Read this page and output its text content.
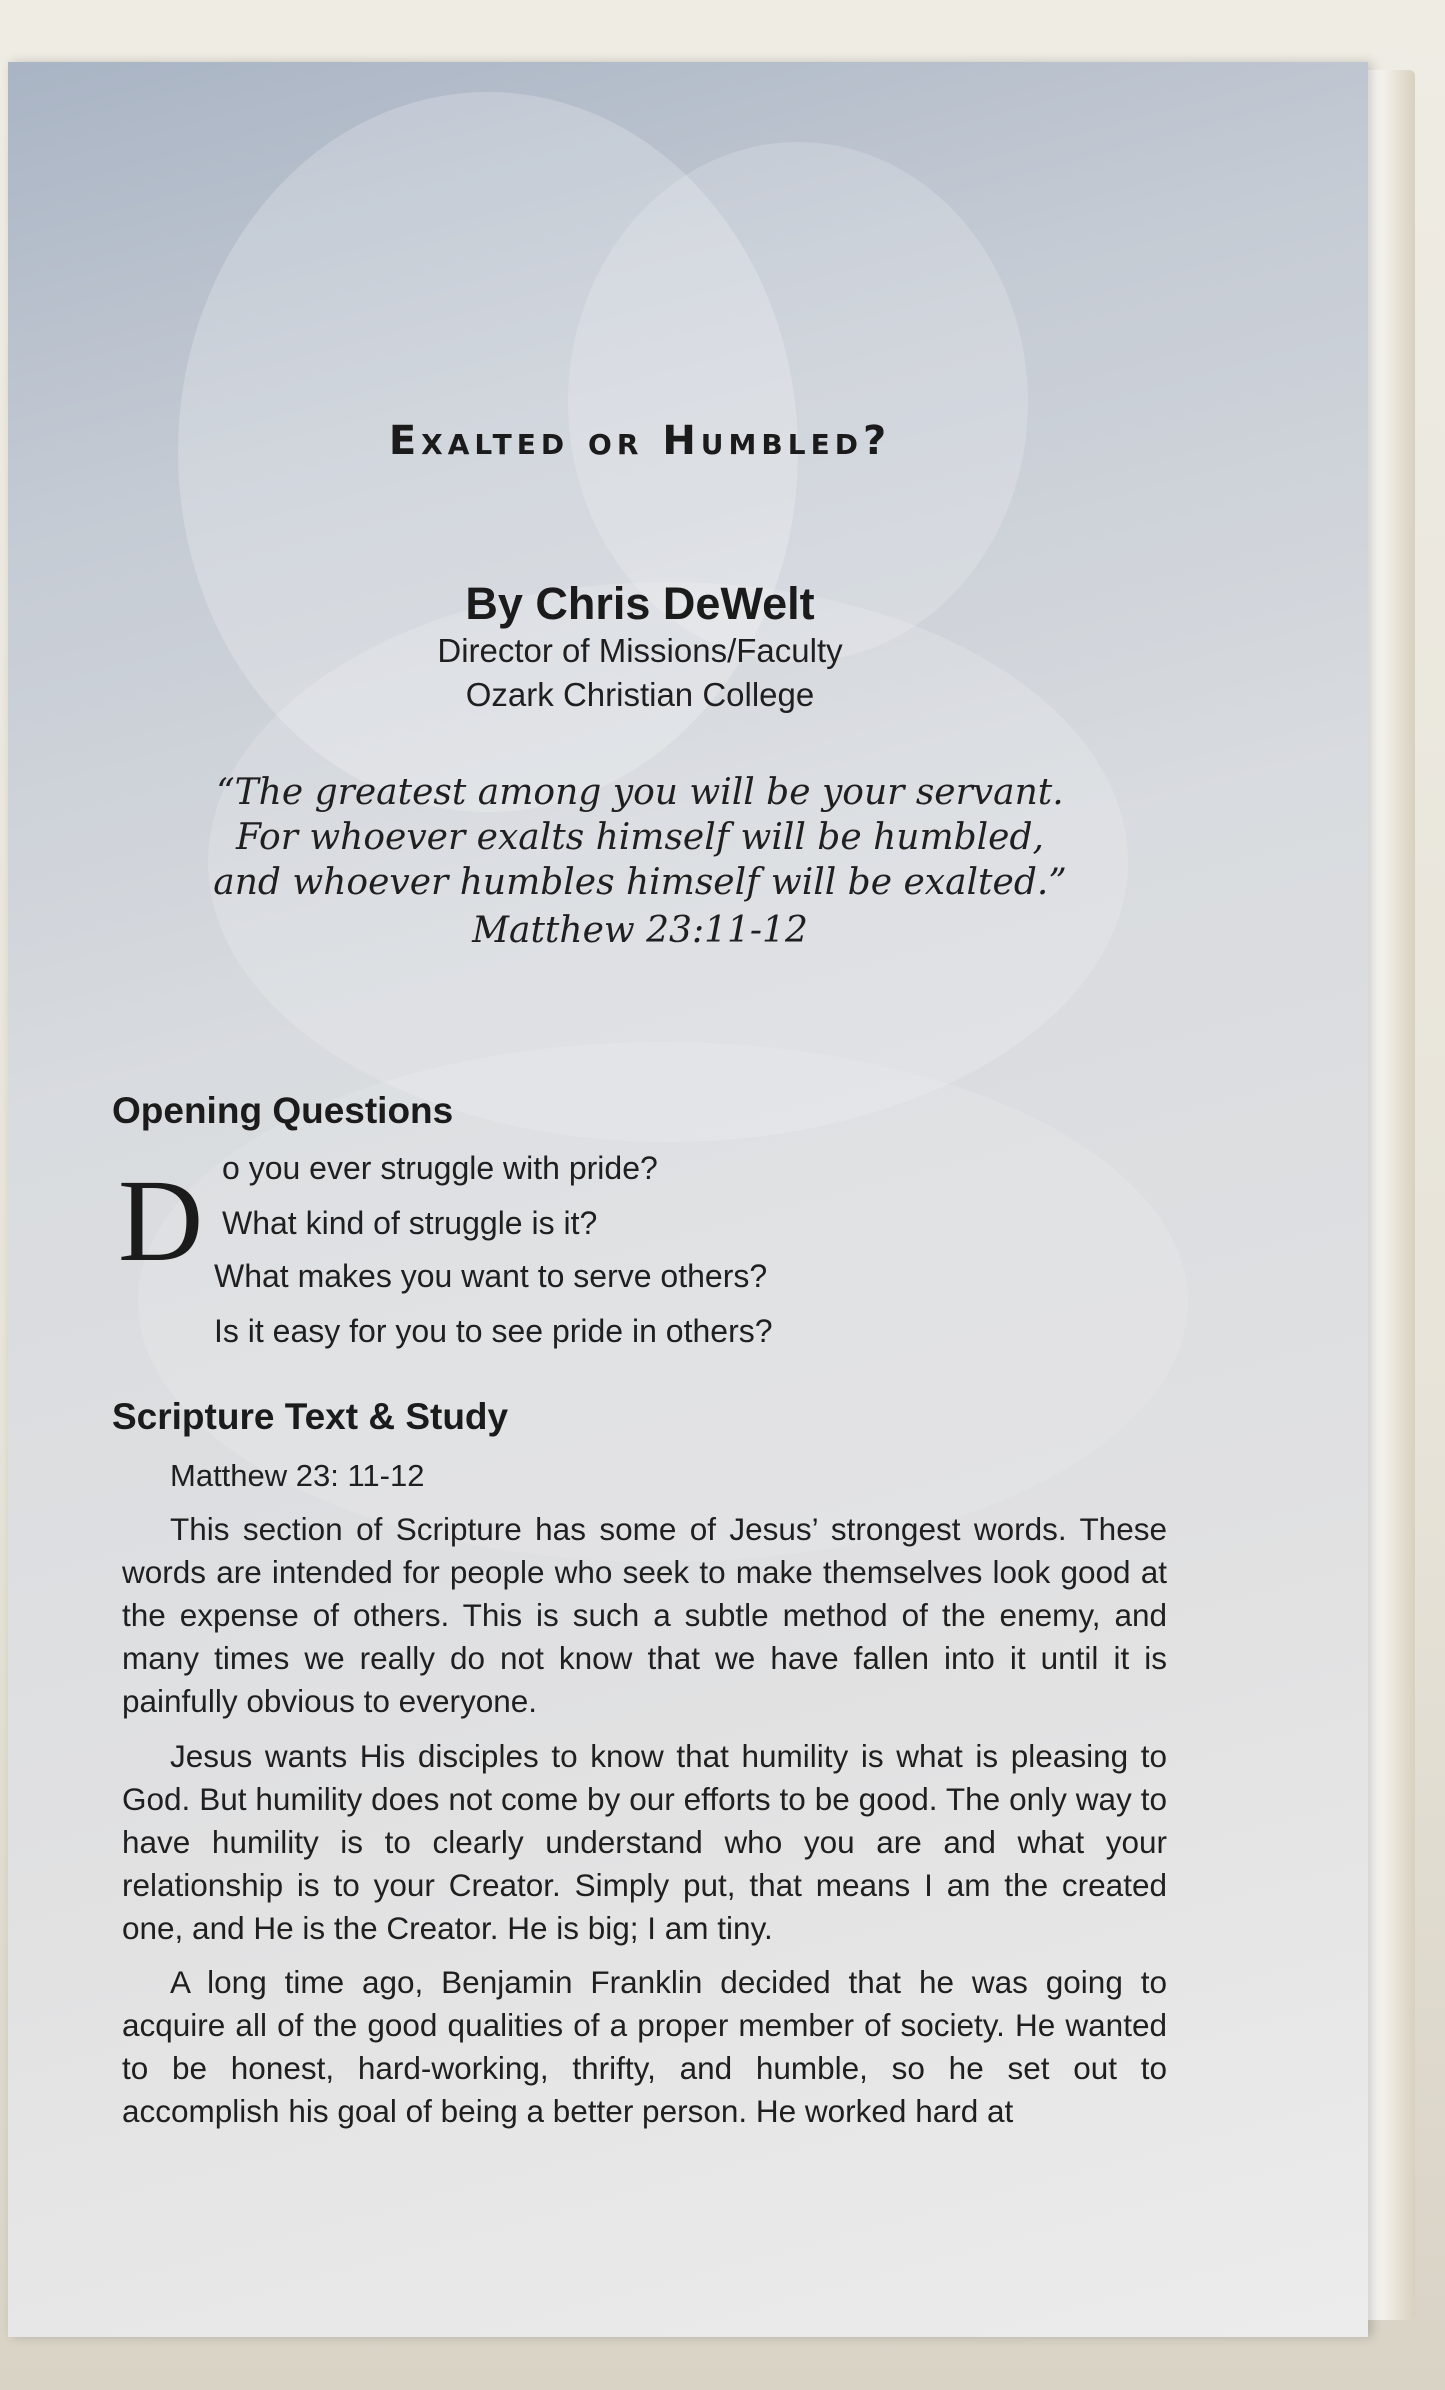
Exalted or Humbled?
By Chris DeWelt
Director of Missions/Faculty
Ozark Christian College
“The greatest among you will be your servant.
For whoever exalts himself will be humbled,
and whoever humbles himself will be exalted.”
Matthew 23:11-12
Opening Questions
D o you ever struggle with pride?
What kind of struggle is it?
What makes you want to serve others?
Is it easy for you to see pride in others?
Scripture Text & Study
Matthew 23: 11-12

This section of Scripture has some of Jesus’ strongest words. These words are intended for people who seek to make themselves look good at the expense of others. This is such a subtle method of the enemy, and many times we really do not know that we have fallen into it until it is painfully obvious to everyone.

Jesus wants His disciples to know that humility is what is pleasing to God. But humility does not come by our efforts to be good. The only way to have humility is to clearly understand who you are and what your relationship is to your Creator. Simply put, that means I am the created one, and He is the Creator. He is big; I am tiny.

A long time ago, Benjamin Franklin decided that he was going to acquire all of the good qualities of a proper member of society. He wanted to be honest, hard-working, thrifty, and humble, so he set out to accomplish his goal of being a better person. He worked hard at
